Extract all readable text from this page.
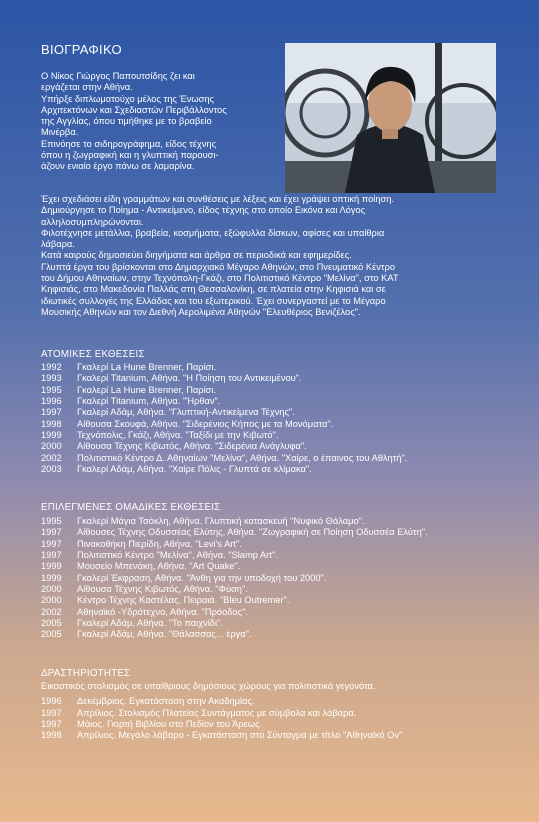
ΒΙΟΓΡΑΦΙΚΟ
Ο Νίκος Γιώργος Παπουτσίδης ζει και
εργάζεται στην Αθήνα.
Υπήρξε διπλωματούχο μέλος της Ένωσης
Αρχιτεκτόνων και Σχεδιαστών Περιβάλλοντος
της Αγγλίας, όπου τιμήθηκε με το βραβείο
Μινέρβα.
Επινόησε το σιδηρογράφημα, είδος τέχνης
όπου η ζωγραφική και η γλυπτική παρουσι-
άζουν ενιαίο έργο πάνω σε λαμαρίνα.
Έχει σχεδιάσει είδη γραμμάτων και συνθέσεις με λέξεις και έχει γράψει οπτική ποίηση.
Δημιούργησε το Ποίημα - Αντικείμενο, είδος τέχνης στο οποίο Εικόνα και Λόγος
αλληλοσυμπληρώνονται.
Φιλοτέχνησε μετάλλια, βραβεία, κοσμήματα, εξώφυλλα δίσκων, αφίσες και υπαίθρια
λάβαρα.
Κατά καιρούς δημοσιεύει διηγήματα και άρθρα σε περιοδικά και εφημερίδες.
Γλυπτά έργα του βρίσκονται στο Δημαρχιακό Μέγαρο Αθηνών, στο Πνευματικό Κέντρο
του Δήμου Αθηναίων, στην Τεχνόπολη-Γκάζι, στο Πολιτιστικό Κέντρο "Μελίνα", στο ΚΑΤ
Κηφισιάς, στο Μακεδονία Παλλάς στη Θεσσαλονίκη, σε πλατεία στην Κηφισιά και σε
ιδιωτικές συλλογές της Ελλάδας και του εξωτερικού. Έχει συνεργαστεί με το Μέγαρο
Μουσικής Αθηνών και τον Διεθνή Αερολιμένα Αθηνών "Ελευθέριος Βενιζέλος".
ΑΤΟΜΙΚΕΣ ΕΚΘΕΣΕΙΣ
1992	Γκαλερί La Hune Brenner, Παρίσι.
1993	Γκαλερί Titanium, Αθήνα. "Η Ποίηση του Αντικειμένου".
1995	Γκαλερί La Hune Brenner, Παρίσι.
1996	Γκαλερί Titanium, Αθήνα. "Ήρθαν".
1997	Γκαλερί Αδάμ, Αθήνα. "Γλυπτική-Αντικείμενα Τέχνης".
1998	Αίθουσα Σκουφά, Αθήνα. "Σιδερένιος Κήπος με τα Μονόματα".
1999	Τεχνόπολις, Γκάζι, Αθήνα. "Ταξίδι με την Κιβωτό".
2000	Αίθουσα Τέχνης Κιβωτός, Αθήνα. "Σιδερένια Ανάγλυφα".
2002	Πολιτιστικό Κέντρο Δ. Αθηναίων "Μελίνα", Αθήνα. "Χαίρε, ο έπαινος του Αθλητή".
2003	Γκαλερί Αδάμ, Αθήνα. "Χαίρε Πόλις - Γλυπτά σε κλίμακα".
ΕΠΙΛΕΓΜΕΝΕΣ ΟΜΑΔΙΚΕΣ ΕΚΘΕΣΕΙΣ
1995	Γκαλερί Μάγια Τσόκλη, Αθήνα. Γλυπτική κατασκευή "Νυφικό Θάλαμο".
1997	Αίθουσες Τέχνης Οδυσσέας Ελύτης, Αθήνα. "Ζωγραφική σε Ποίηση Οδυσσέα Ελύτη".
1997	Πινακοθήκη Πιερίδη, Αθήνα. "Levi's Art".
1997	Πολιτιστικό Κέντρο "Μελίνα", Αθήνα. "Slamp Art".
1999	Μουσείο Μπενάκη, Αθήνα. "Art Quake".
1999	Γκαλερί Έκφραση, Αθήνα. "Άνθη για την υποδοχή του 2000".
2000	Αίθουσα Τέχνης Κιβωτός, Αθήνα. "Φύση".
2000	Κέντρο Τέχνης Καστέλας, Πειραιά. "Bleu Outremer".
2002	Αθηναϊκό -Υδρότεχνο, Αθήνα. "Πρόοδος".
2005	Γκαλερί Αδάμ, Αθήνα. "Το παιχνίδι".
2005	Γκαλερί Αδάμ, Αθήνα. "Θάλασσας... έργα".
ΔΡΑΣΤΗΡΙΟΤΗΤΕΣ
Εικαστικός στολισμός σε υπαίθριους δημόσιους χώρους για πολιτιστικά γεγονότα.
1996	Δεκέμβριος. Εγκατάσταση στην Ακαδημίας.
1997	Απρίλιος. Στολισμός Πλατείας Συντάγματος με σύμβολα και λάβαρα.
1997	Μάιος. Γιορτή Βιβλίου στο Πεδίον του Άρεως.
1998	Απρίλιος. Μεγάλο λάβαρο - Εγκατάσταση στο Σύνταγμα με τίτλο "Αθηναϊκό Ον"
